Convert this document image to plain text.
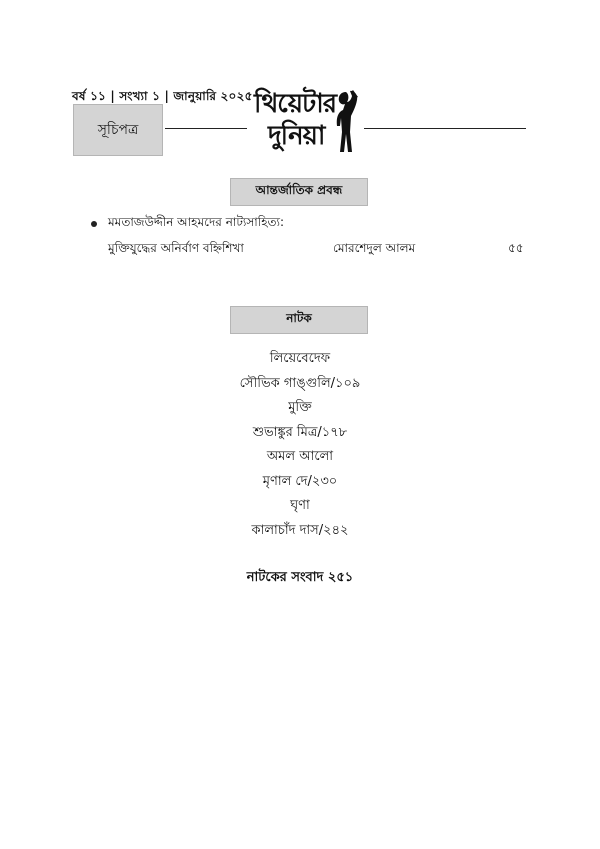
বর্ষ ১১ | সংখ্যা ১ | জানুয়ারি ২০২৫
সূচিপত্র
থিয়েটার
দুনিয়া
আন্তর্জাতিক প্রবন্ধ
মমতাজউদ্দীন আহমদের নাট্যসাহিত্য:
মুক্তিযুদ্ধের অনির্বাণ বহ্নিশিখা	মোরশেদুল আলম	৫৫
নাটক
লিয়েবেদেফ
সৌভিক গাঙ্গুলি/১০৯
মুক্তি
শুভাঙ্কুর মিত্র/১৭৮
অমল আলো
মৃণাল দে/২৩০
ঘৃণা
কালাচাঁদ দাস/২৪২
নাটকের সংবাদ ২৫১
